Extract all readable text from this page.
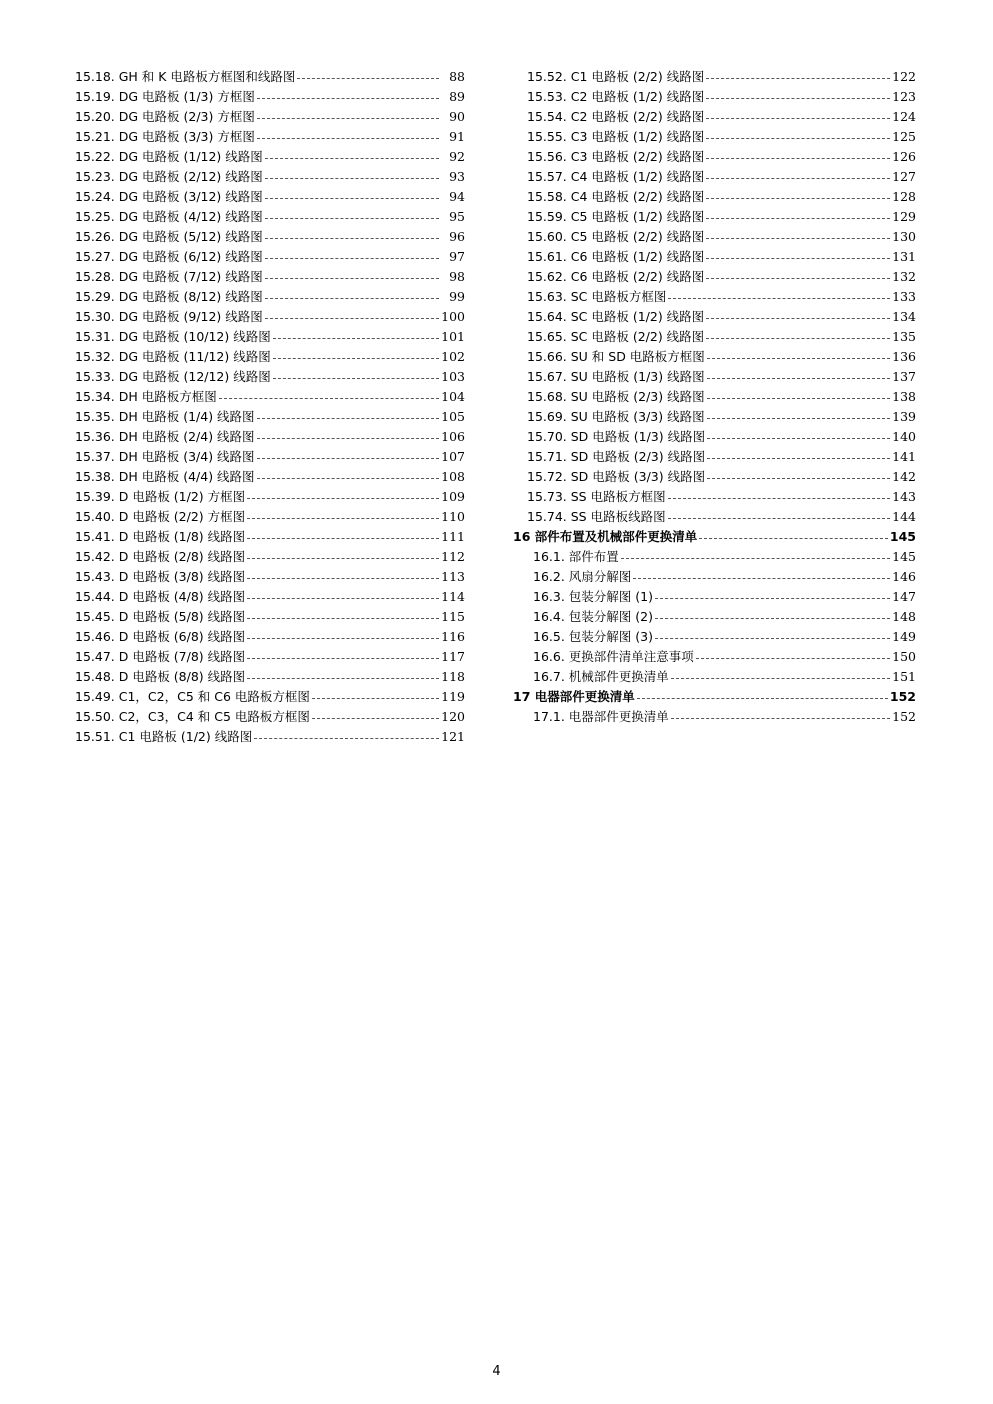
15.18. GH 和 K 电路板方框图和线路图	88
15.19. DG 电路板 (1/3) 方框图	89
15.20. DG 电路板 (2/3) 方框图	90
15.21. DG 电路板 (3/3) 方框图	91
15.22. DG 电路板 (1/12) 线路图	92
15.23. DG 电路板 (2/12) 线路图	93
15.24. DG 电路板 (3/12) 线路图	94
15.25. DG 电路板 (4/12) 线路图	95
15.26. DG 电路板 (5/12) 线路图	96
15.27. DG 电路板 (6/12) 线路图	97
15.28. DG 电路板 (7/12) 线路图	98
15.29. DG 电路板 (8/12) 线路图	99
15.30. DG 电路板 (9/12) 线路图	100
15.31. DG 电路板 (10/12) 线路图	101
15.32. DG 电路板 (11/12) 线路图	102
15.33. DG 电路板 (12/12) 线路图	103
15.34. DH 电路板方框图	104
15.35. DH 电路板 (1/4) 线路图	105
15.36. DH 电路板 (2/4) 线路图	106
15.37. DH 电路板 (3/4) 线路图	107
15.38. DH 电路板 (4/4) 线路图	108
15.39. D 电路板 (1/2) 方框图	109
15.40. D 电路板 (2/2) 方框图	110
15.41. D 电路板 (1/8) 线路图	111
15.42. D 电路板 (2/8) 线路图	112
15.43. D 电路板 (3/8) 线路图	113
15.44. D 电路板 (4/8) 线路图	114
15.45. D 电路板 (5/8) 线路图	115
15.46. D 电路板 (6/8) 线路图	116
15.47. D 电路板 (7/8) 线路图	117
15.48. D 电路板 (8/8) 线路图	118
15.49. C1，C2，C5 和 C6 电路板方框图	119
15.50. C2，C3，C4 和 C5 电路板方框图	120
15.51. C1 电路板 (1/2) 线路图	121
15.52. C1 电路板 (2/2) 线路图	122
15.53. C2 电路板 (1/2) 线路图	123
15.54. C2 电路板 (2/2) 线路图	124
15.55. C3 电路板 (1/2) 线路图	125
15.56. C3 电路板 (2/2) 线路图	126
15.57. C4 电路板 (1/2) 线路图	127
15.58. C4 电路板 (2/2) 线路图	128
15.59. C5 电路板 (1/2) 线路图	129
15.60. C5 电路板 (2/2) 线路图	130
15.61. C6 电路板 (1/2) 线路图	131
15.62. C6 电路板 (2/2) 线路图	132
15.63. SC 电路板方框图	133
15.64. SC 电路板 (1/2) 线路图	134
15.65. SC 电路板 (2/2) 线路图	135
15.66. SU 和 SD 电路板方框图	136
15.67. SU 电路板 (1/3) 线路图	137
15.68. SU 电路板 (2/3) 线路图	138
15.69. SU 电路板 (3/3) 线路图	139
15.70. SD 电路板 (1/3) 线路图	140
15.71. SD 电路板 (2/3) 线路图	141
15.72. SD 电路板 (3/3) 线路图	142
15.73. SS 电路板方框图	143
15.74. SS 电路板线路图	144
16 部件布置及机械部件更换清单	145
16.1. 部件布置	145
16.2. 风扇分解图	146
16.3. 包装分解图 (1)	147
16.4. 包装分解图 (2)	148
16.5. 包装分解图 (3)	149
16.6. 更换部件清单注意事项	150
16.7. 机械部件更换清单	151
17 电器部件更换清单	152
17.1. 电器部件更换清单	152
4
